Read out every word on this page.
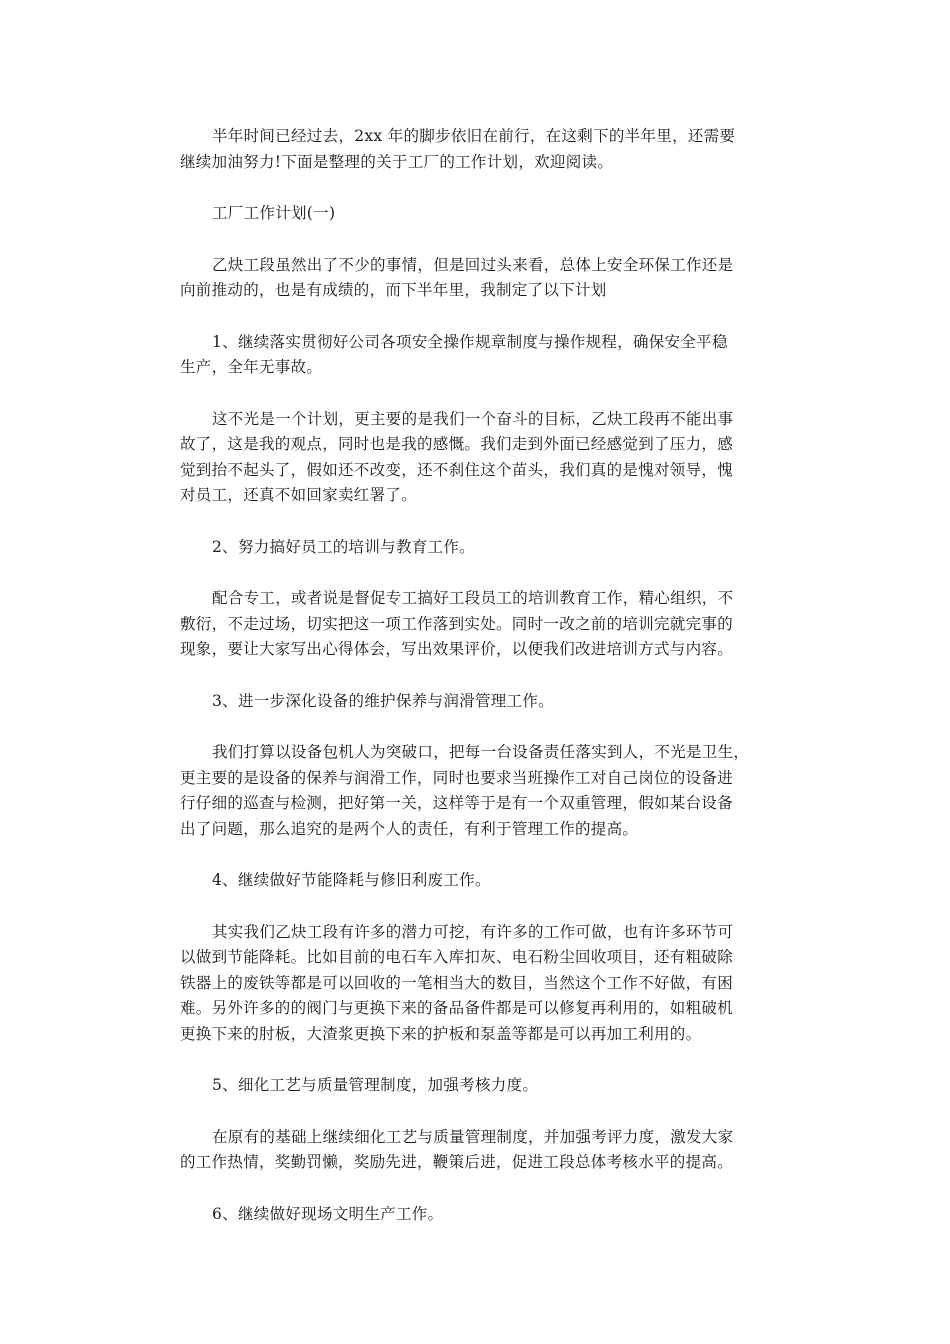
半年时间已经过去，2xx 年的脚步依旧在前行，在这剩下的半年里，还需要
继续加油努力!下面是整理的关于工厂的工作计划，欢迎阅读。

工厂工作计划(一)

乙炔工段虽然出了不少的事情，但是回过头来看，总体上安全环保工作还是
向前推动的，也是有成绩的，而下半年里，我制定了以下计划

1、继续落实贯彻好公司各项安全操作规章制度与操作规程，确保安全平稳
生产，全年无事故。

这不光是一个计划，更主要的是我们一个奋斗的目标，乙炔工段再不能出事
故了，这是我的观点，同时也是我的感慨。我们走到外面已经感觉到了压力，感
觉到抬不起头了，假如还不改变，还不刹住这个苗头，我们真的是愧对领导，愧
对员工，还真不如回家卖红署了。

2、努力搞好员工的培训与教育工作。

配合专工，或者说是督促专工搞好工段员工的培训教育工作，精心组织，不
敷衍，不走过场，切实把这一项工作落到实处。同时一改之前的培训完就完事的
现象，要让大家写出心得体会，写出效果评价，以便我们改进培训方式与内容。

3、进一步深化设备的维护保养与润滑管理工作。

我们打算以设备包机人为突破口，把每一台设备责任落实到人，不光是卫生，
更主要的是设备的保养与润滑工作，同时也要求当班操作工对自己岗位的设备进
行仔细的巡查与检测，把好第一关，这样等于是有一个双重管理，假如某台设备
出了问题，那么追究的是两个人的责任，有利于管理工作的提高。

4、继续做好节能降耗与修旧利废工作。

其实我们乙炔工段有许多的潜力可挖，有许多的工作可做，也有许多环节可
以做到节能降耗。比如目前的电石车入库扣灰、电石粉尘回收项目，还有粗破除
铁器上的废铁等都是可以回收的一笔相当大的数目，当然这个工作不好做，有困
难。另外许多的的阀门与更换下来的备品备件都是可以修复再利用的，如粗破机
更换下来的肘板，大渣浆更换下来的护板和泵盖等都是可以再加工利用的。

5、细化工艺与质量管理制度，加强考核力度。

在原有的基础上继续细化工艺与质量管理制度，并加强考评力度，激发大家
的工作热情，奖勤罚懒，奖励先进，鞭策后进，促进工段总体考核水平的提高。

6、继续做好现场文明生产工作。
